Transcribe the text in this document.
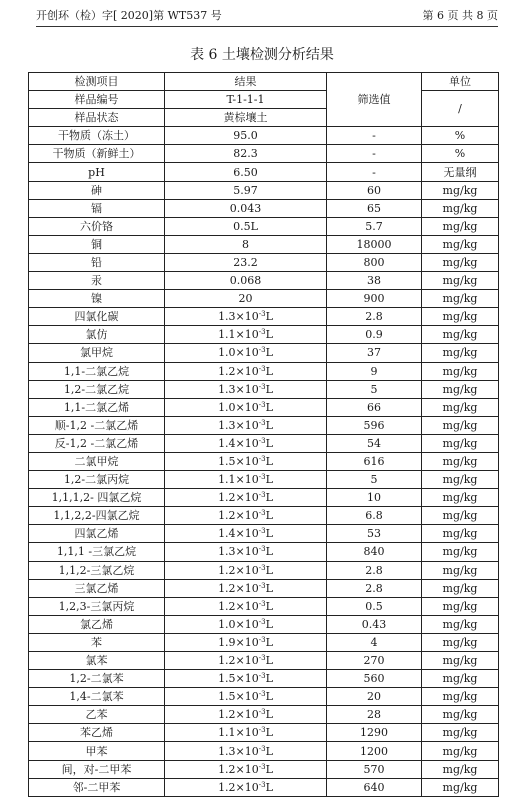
开创环（检）字[ 2020]第 WT537 号	第 6 页 共 8 页
表 6 土壤检测分析结果
检测项目	结果	筛选值	单位
样品编号	T-1-1-1		/
样品状态	黄棕壤土		
干物质（冻土）	95.0	-	%
干物质（新鲜土）	82.3	-	%
pH	6.50	-	无量纲
砷	5.97	60	mg/kg
镉	0.043	65	mg/kg
六价铬	0.5L	5.7	mg/kg
铜	8	18000	mg/kg
铅	23.2	800	mg/kg
汞	0.068	38	mg/kg
镍	20	900	mg/kg
四氯化碳	$1.3\times 10^{-3}L$	2.8	mg/kg
氯仿	$1.1\times 10^{-3}L$	0.9	mg/kg
氯甲烷	$1.0\times 10^{-3}L$	37	mg/kg
1,1-二氯乙烷	$1.2\times 10^{-3}L$	9	mg/kg
1,2-二氯乙烷	$1.3\times 10^{-3}L$	5	mg/kg
1,1-二氯乙烯	$1.0\times 10^{-3}L$	66	mg/kg
顺-1,2 -二氯乙烯	$1.3\times 10^{-3}L$	596	mg/kg
反-1,2 -二氯乙烯	$1.4\times 10^{-3}L$	54	mg/kg
二氯甲烷	$1.5\times 10^{-3}L$	616	mg/kg
1,2-二氯丙烷	$1.1\times 10^{-3}L$	5	mg/kg
1,1,1,2- 四氯乙烷	$1.2\times 10^{-3}L$	10	mg/kg
1,1,2,2-四氯乙烷	$1.2\times 10^{-3}L$	6.8	mg/kg
四氯乙烯	$1.4\times 10^{-3}L$	53	mg/kg
1,1,1 -三氯乙烷	$1.3\times 10^{-3}L$	840	mg/kg
1,1,2-三氯乙烷	$1.2\times 10^{-3}L$	2.8	mg/kg
三氯乙烯	$1.2\times 10^{-3}L$	2.8	mg/kg
1,2,3-三氯丙烷	$1.2\times 10^{-3}L$	0.5	mg/kg
氯乙烯	$1.0\times 10^{-3}L$	0.43	mg/kg
苯	$1.9\times 10^{-3}L$	4	mg/kg
氯苯	$1.2\times 10^{-3}L$	270	mg/kg
1,2-二氯苯	$1.5\times 10^{-3}L$	560	mg/kg
1,4-二氯苯	$1.5\times 10^{-3}L$	20	mg/kg
乙苯	$1.2\times 10^{-3}L$	28	mg/kg
苯乙烯	$1.1\times 10^{-3}L$	1290	mg/kg
甲苯	$1.3\times 10^{-3}L$	1200	mg/kg
间，对-二甲苯	$1.2\times 10^{-3}L$	570	mg/kg
邻-二甲苯	$1.2\times 10^{-3}L$	640	mg/kg
